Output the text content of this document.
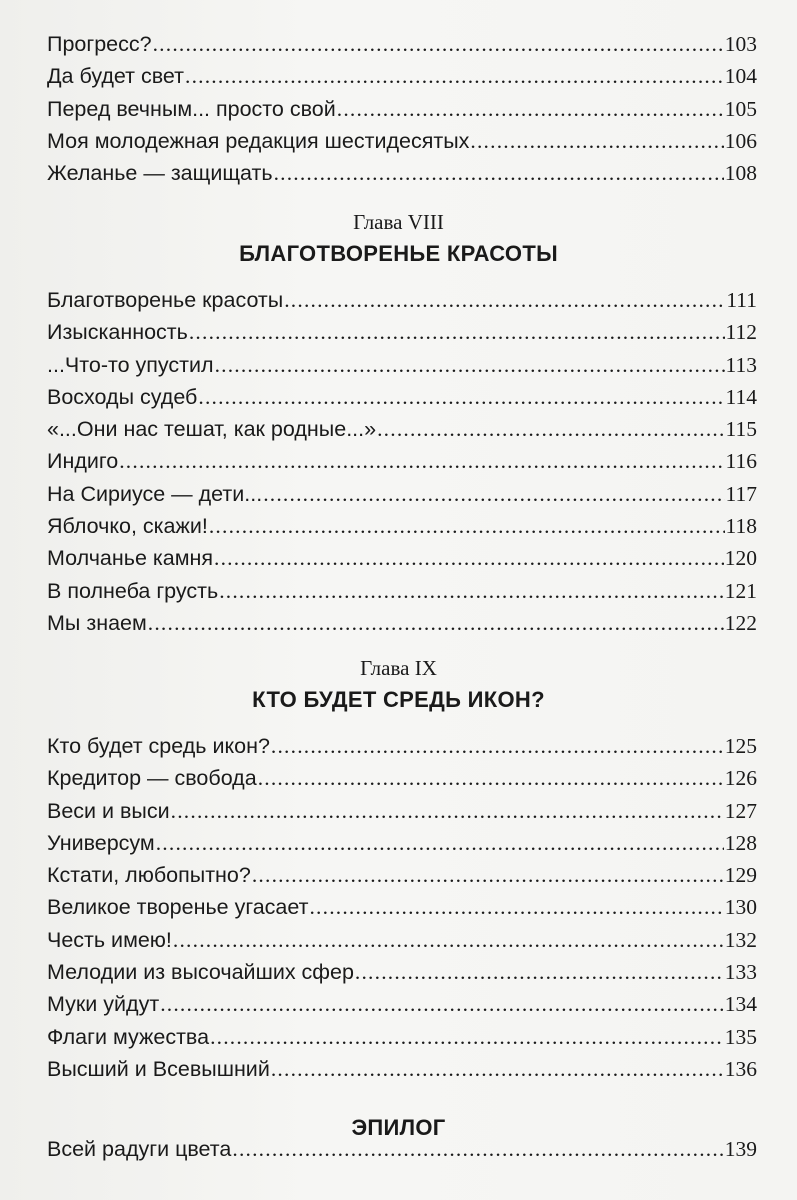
Прогресс? .....	103
Да будет свет .....	104
Перед вечным... просто свой .....	105
Моя молодежная редакция шестидесятых .....	106
Желанье — защищать .....	108
Глава VIII
БЛАГОТВОРЕНЬЕ КРАСОТЫ
Благотворенье красоты .....	111
Изысканность .....	112
...Что-то упустил .....	113
Восходы судеб .....	114
«...Они нас тешат, как родные...» .....	115
Индиго .....	116
На Сириусе — дети... .....	117
Яблочко, скажи! .....	118
Молчанье камня .....	120
В полнеба грусть .....	121
Мы знаем .....	122
Глава IX
КТО БУДЕТ СРЕДЬ ИКОН?
Кто будет средь икон? .....	125
Кредитор — свобода .....	126
Веси и выси .....	127
Универсум .....	128
Кстати, любопытно? .....	129
Великое творенье угасает .....	130
Честь имею! .....	132
Мелодии из высочайших сфер .....	133
Муки уйдут .....	134
Флаги мужества .....	135
Высший и Всевышний .....	136
ЭПИЛОГ
Всей радуги цвета .....	139
